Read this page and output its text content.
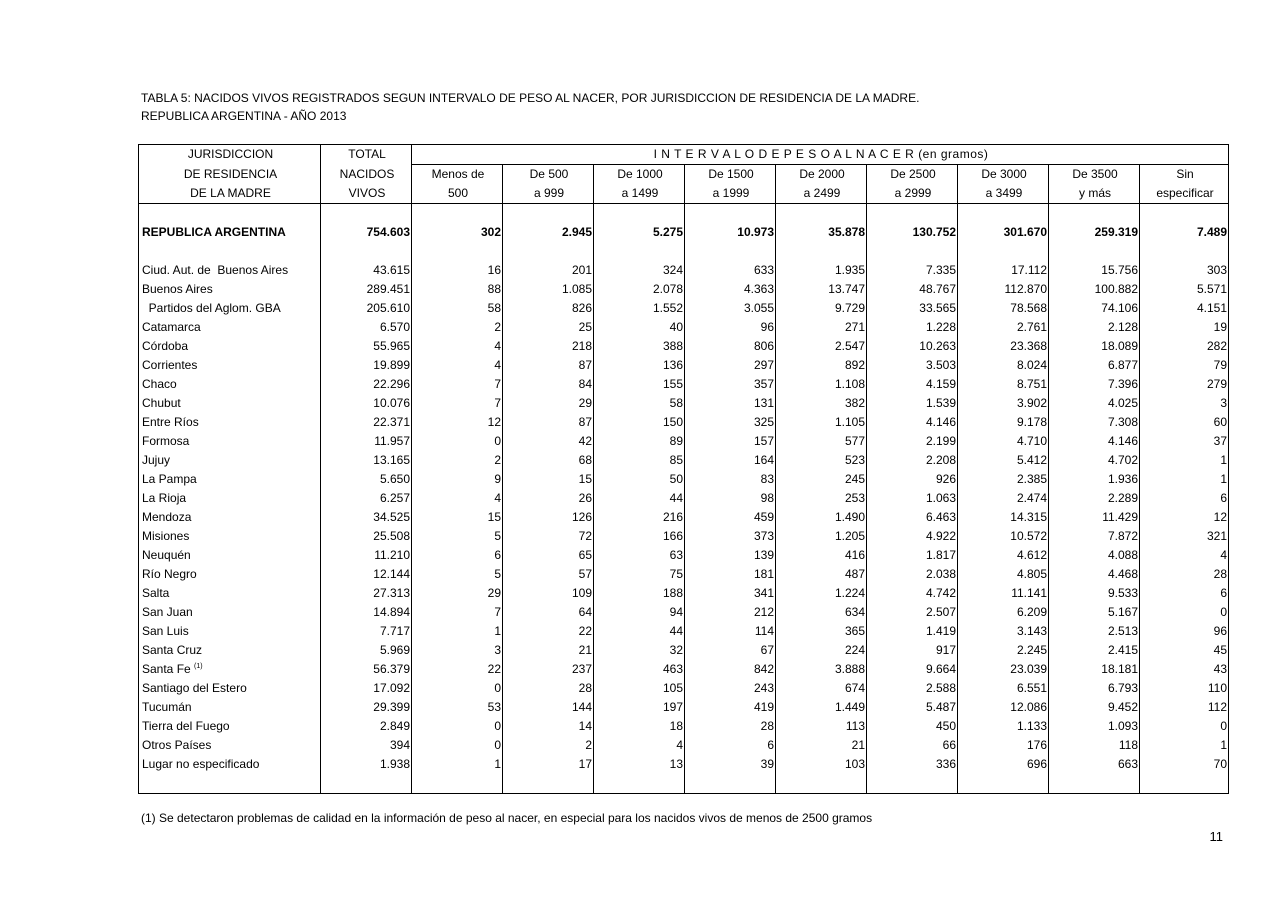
TABLA 5: NACIDOS VIVOS REGISTRADOS SEGUN INTERVALO DE PESO AL NACER, POR JURISDICCION DE RESIDENCIA DE LA MADRE.
REPUBLICA ARGENTINA - AÑO 2013
JURISDICCION	TOTAL	I N T E R V A L O D E P E S O A L N A C E R (en gramos)								
DE RESIDENCIA	NACIDOS	Menos de	De 500	De 1000	De 1500	De 2000	De 2500	De 3000	De 3500	Sin
DE LA MADRE	VIVOS	500	a 999	a 1499	a 1999	a 2499	a 2999	a 3499	y más	especificar

REPUBLICA ARGENTINA	754.603	302	2.945	5.275	10.973	35.878	130.752	301.670	259.319	7.489

Ciud. Aut. de  Buenos Aires	43.615	16	201	324	633	1.935	7.335	17.112	15.756	303
Buenos Aires	289.451	88	1.085	2.078	4.363	13.747	48.767	112.870	100.882	5.571
Partidos del Aglom. GBA	205.610	58	826	1.552	3.055	9.729	33.565	78.568	74.106	4.151
Catamarca	6.570	2	25	40	96	271	1.228	2.761	2.128	19
Córdoba	55.965	4	218	388	806	2.547	10.263	23.368	18.089	282
Corrientes	19.899	4	87	136	297	892	3.503	8.024	6.877	79
Chaco	22.296	7	84	155	357	1.108	4.159	8.751	7.396	279
Chubut	10.076	7	29	58	131	382	1.539	3.902	4.025	3
Entre Ríos	22.371	12	87	150	325	1.105	4.146	9.178	7.308	60
Formosa	11.957	0	42	89	157	577	2.199	4.710	4.146	37
Jujuy	13.165	2	68	85	164	523	2.208	5.412	4.702	1
La Pampa	5.650	9	15	50	83	245	926	2.385	1.936	1
La Rioja	6.257	4	26	44	98	253	1.063	2.474	2.289	6
Mendoza	34.525	15	126	216	459	1.490	6.463	14.315	11.429	12
Misiones	25.508	5	72	166	373	1.205	4.922	10.572	7.872	321
Neuquén	11.210	6	65	63	139	416	1.817	4.612	4.088	4
Río Negro	12.144	5	57	75	181	487	2.038	4.805	4.468	28
Salta	27.313	29	109	188	341	1.224	4.742	11.141	9.533	6
San Juan	14.894	7	64	94	212	634	2.507	6.209	5.167	0
San Luis	7.717	1	22	44	114	365	1.419	3.143	2.513	96
Santa Cruz	5.969	3	21	32	67	224	917	2.245	2.415	45
Santa Fe $^{(1)}$	56.379	22	237	463	842	3.888	9.664	23.039	18.181	43
Santiago del Estero	17.092	0	28	105	243	674	2.588	6.551	6.793	110
Tucumán	29.399	53	144	197	419	1.449	5.487	12.086	9.452	112
Tierra del Fuego	2.849	0	14	18	28	113	450	1.133	1.093	0
Otros Países	394	0	2	4	6	21	66	176	118	1
Lugar no especificado	1.938	1	17	13	39	103	336	696	663	70

(1) Se detectaron problemas de calidad en la información de peso al nacer, en especial para los nacidos vivos de menos de 2500 gramos
11
